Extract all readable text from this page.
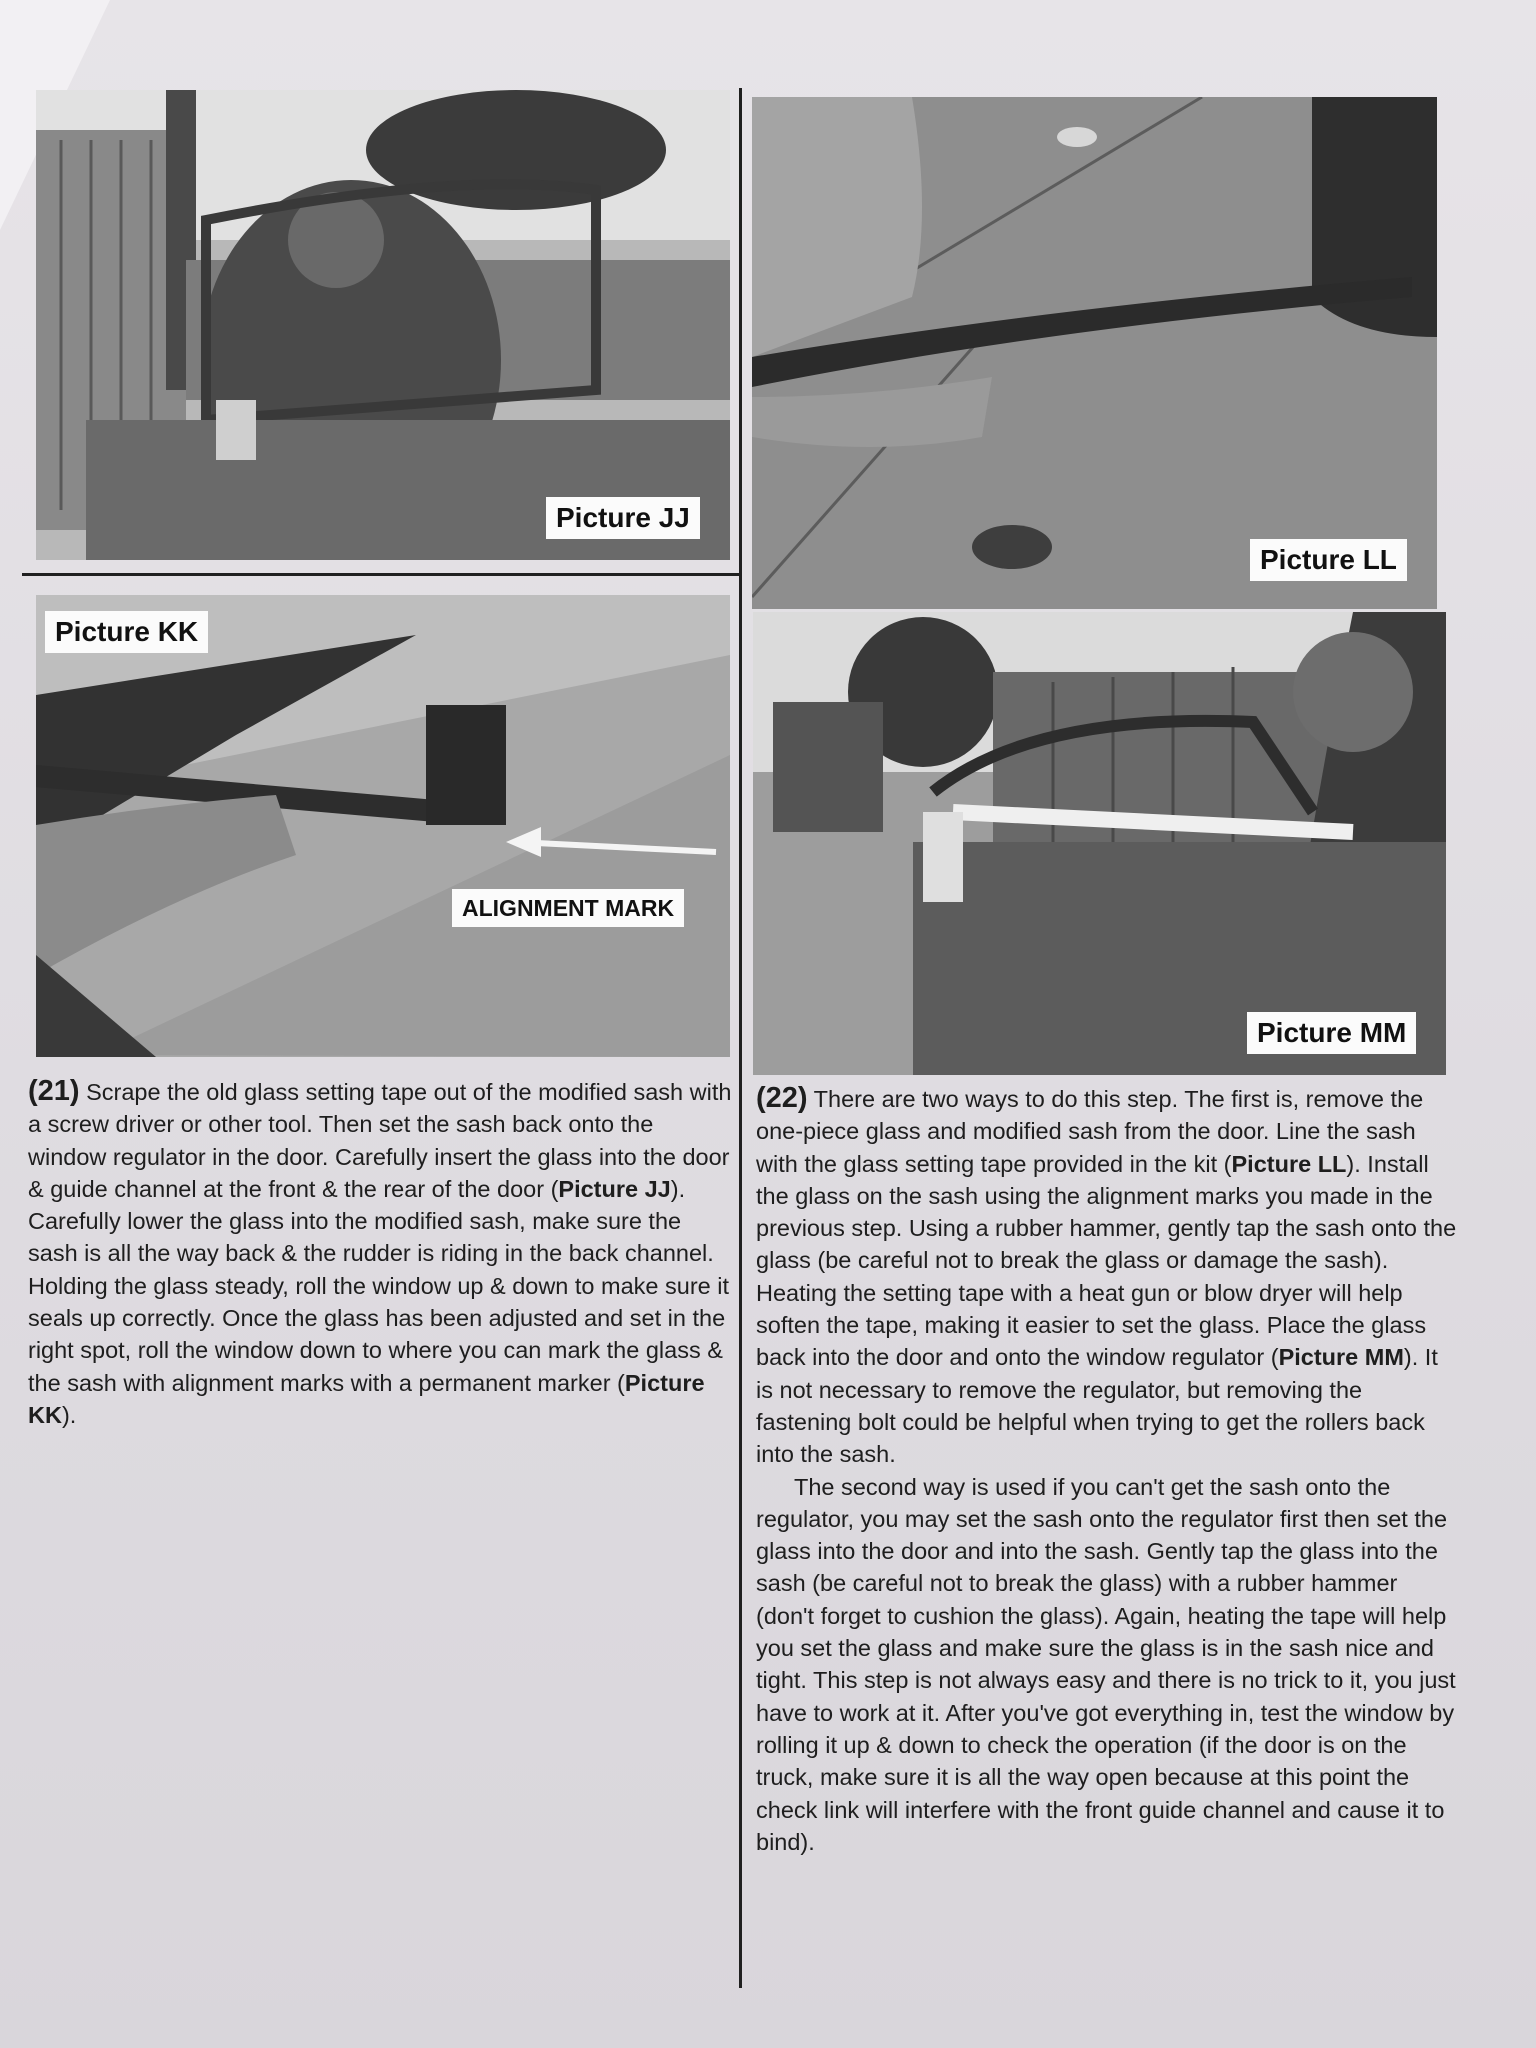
Picture JJ
Picture KK
ALIGNMENT MARK
Picture LL
Picture MM

(21) Scrape the old glass setting tape out of the modified sash with a screw driver or other tool. Then set the sash back onto the window regulator in the door. Carefully insert the glass into the door & guide channel at the front & the rear of the door (Picture JJ). Carefully lower the glass into the modified sash, make sure the sash is all the way back & the rudder is riding in the back channel. Holding the glass steady, roll the window up & down to make sure it seals up correctly. Once the glass has been adjusted and set in the right spot, roll the window down to where you can mark the glass & the sash with alignment marks with a permanent marker (Picture KK).

(22) There are two ways to do this step. The first is, remove the one-piece glass and modified sash from the door. Line the sash with the glass setting tape provided in the kit (Picture LL). Install the glass on the sash using the alignment marks you made in the previous step. Using a rubber hammer, gently tap the sash onto the glass (be careful not to break the glass or damage the sash). Heating the setting tape with a heat gun or blow dryer will help soften the tape, making it easier to set the glass. Place the glass back into the door and onto the window regulator (Picture MM). It is not necessary to remove the regulator, but removing the fastening bolt could be helpful when trying to get the rollers back into the sash.

The second way is used if you can't get the sash onto the regulator, you may set the sash onto the regulator first then set the glass into the door and into the sash. Gently tap the glass into the sash (be careful not to break the glass) with a rubber hammer (don't forget to cushion the glass). Again, heating the tape will help you set the glass and make sure the glass is in the sash nice and tight. This step is not always easy and there is no trick to it, you just have to work at it. After you've got everything in, test the window by rolling it up & down to check the operation (if the door is on the truck, make sure it is all the way open because at this point the check link will interfere with the front guide channel and cause it to bind).
